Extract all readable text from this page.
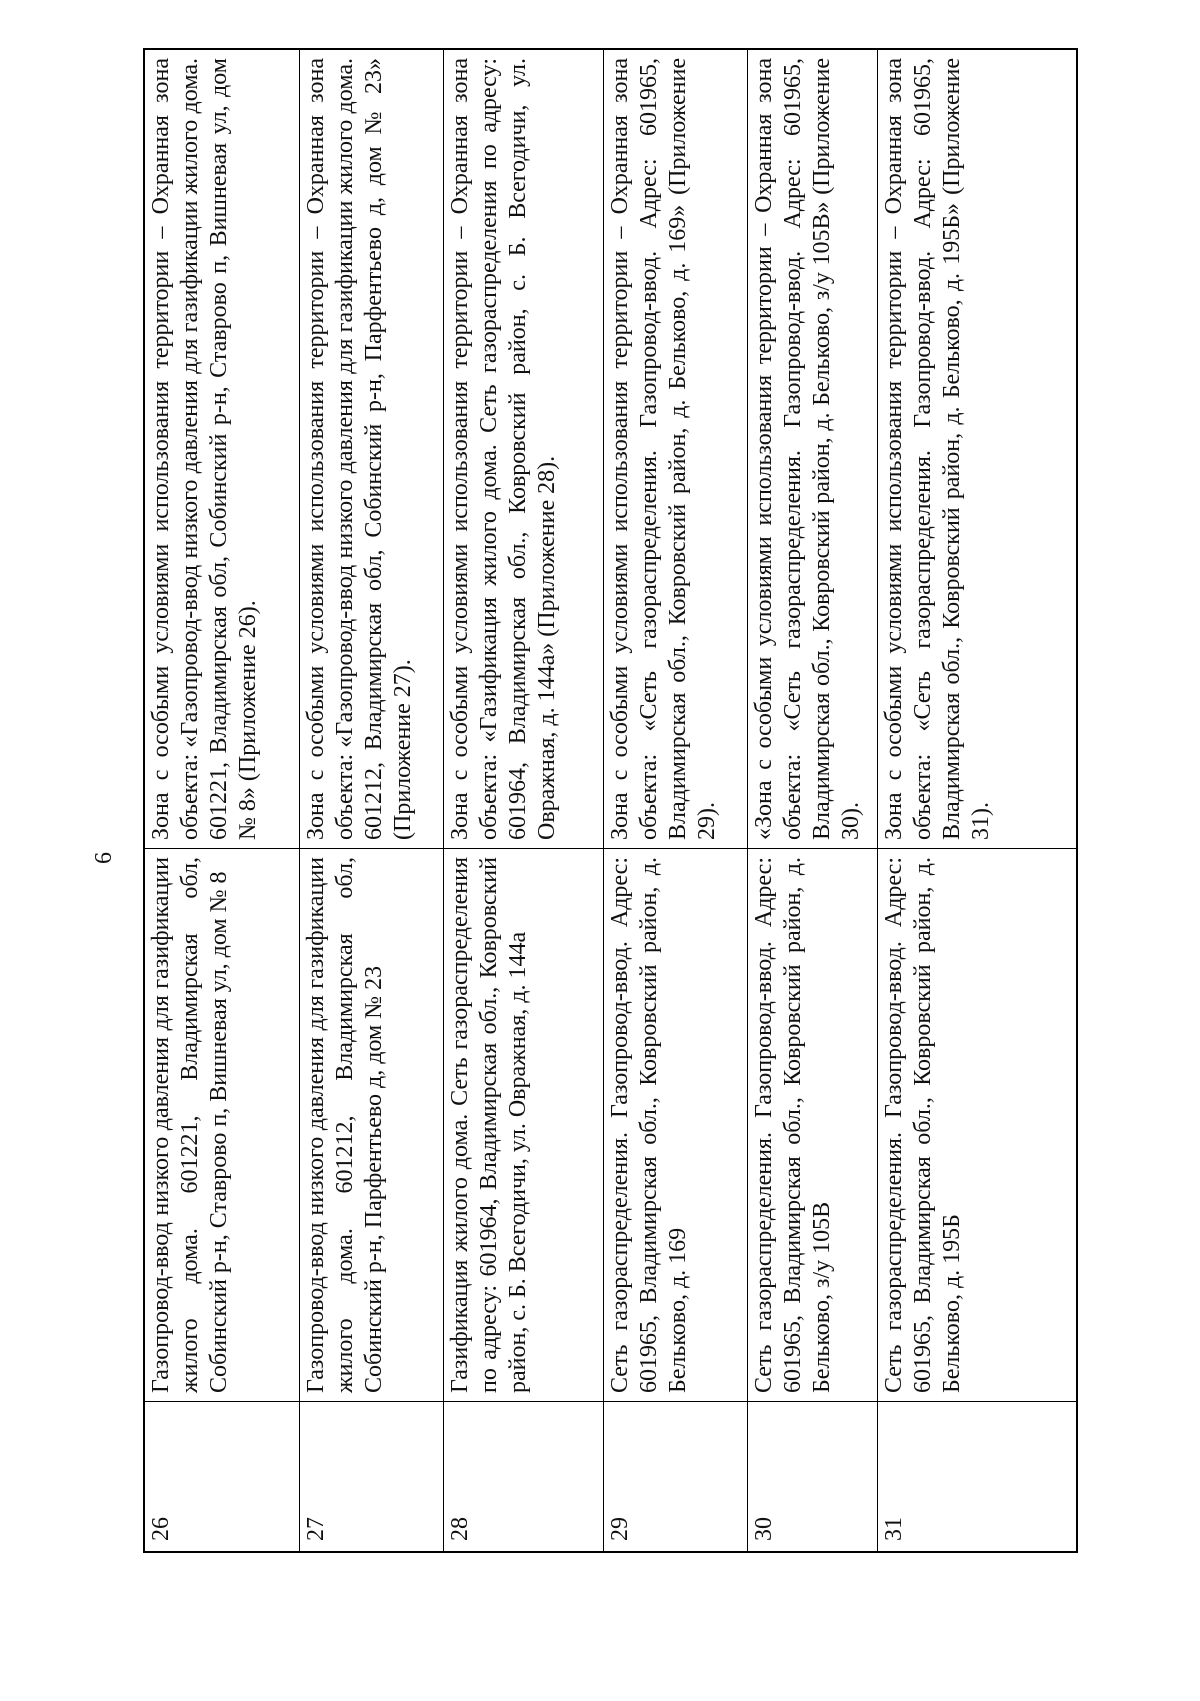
6
26
Газопровод-ввод низкого давления для газификации жилого дома. 601221, Владимирская обл, Собинский р-н, Ставрово п, Вишневая ул, дом № 8
Зона с особыми условиями использования территории – Охранная зона объекта: «Газопровод-ввод низкого давления для газификации жилого дома. 601221, Владимирская обл, Собинский р-н, Ставрово п, Вишневая ул, дом № 8» (Приложение 26).
27
Газопровод-ввод низкого давления для газификации жилого дома. 601212, Владимирская обл, Собинский р-н, Парфентьево д, дом № 23
Зона с особыми условиями использования территории – Охранная зона объекта: «Газопровод-ввод низкого давления для газификации жилого дома. 601212, Владимирская обл, Собинский р-н, Парфентьево д, дом № 23» (Приложение 27).
28
Газификация жилого дома. Сеть газораспределения по адресу: 601964, Владимирская обл., Ковровский район, с. Б. Всегодичи, ул. Овражная, д. 144а
Зона с особыми условиями использования территории – Охранная зона объекта: «Газификация жилого дома. Сеть газораспределения по адресу: 601964, Владимирская обл., Ковровский район, с. Б. Всегодичи, ул. Овражная, д. 144а» (Приложение 28).
29
Сеть газораспределения. Газопровод-ввод. Адрес: 601965, Владимирская обл., Ковровский район, д. Бельково, д. 169
Зона с особыми условиями использования территории – Охранная зона объекта: «Сеть газораспределения. Газопровод-ввод. Адрес: 601965, Владимирская обл., Ковровский район, д. Бельково, д. 169» (Приложение 29).
30
Сеть газораспределения. Газопровод-ввод. Адрес: 601965, Владимирская обл., Ковровский район, д. Бельково, з/у 105В
«Зона с особыми условиями использования территории – Охранная зона объекта: «Сеть газораспределения. Газопровод-ввод. Адрес: 601965, Владимирская обл., Ковровский район, д. Бельково, з/у 105В» (Приложение 30).
31
Сеть газораспределения. Газопровод-ввод. Адрес: 601965, Владимирская обл., Ковровский район, д. Бельково, д. 195Б
Зона с особыми условиями использования территории – Охранная зона объекта: «Сеть газораспределения. Газопровод-ввод. Адрес: 601965, Владимирская обл., Ковровский район, д. Бельково, д. 195Б» (Приложение 31).
